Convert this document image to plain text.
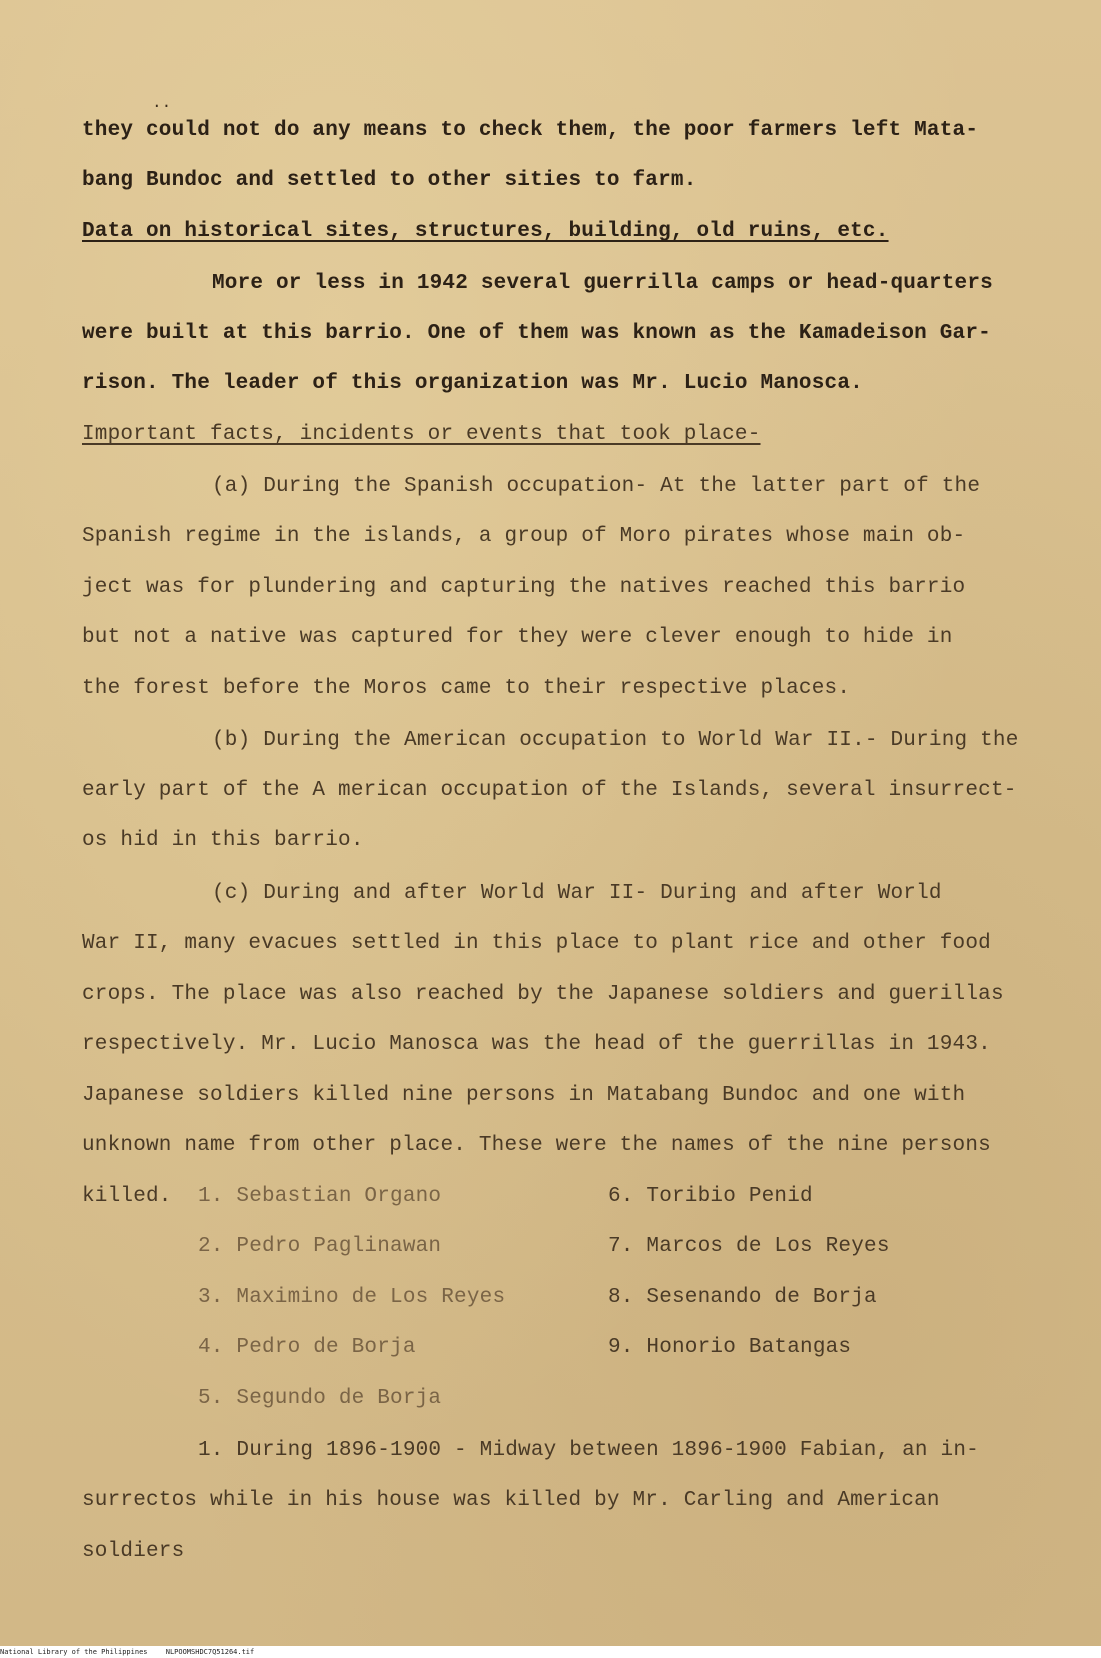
..
they could not do any means to check them, the poor farmers left Mata-
bang Bundoc and settled to other sities to farm.
Data on historical sites, structures, building, old ruins, etc.
More or less in 1942 several guerrilla camps or head-quarters
were built at this barrio. One of them was known as the Kamadeison Gar-
rison. The leader of this organization was Mr. Lucio Manosca.
Important facts, incidents or events that took place-
(a) During the Spanish occupation- At the latter part of the
Spanish regime in the islands, a group of Moro pirates whose main ob-
ject was for plundering and capturing the natives reached this barrio
but not a native was captured for they were clever enough to hide in
the forest before the Moros came to their respective places.
(b) During the American occupation to World War II.- During the
early part of the A merican occupation of the Islands, several insurrect-
os hid in this barrio.
(c) During and after World War II- During and after World
War II, many evacues settled in this place to plant rice and other food
crops. The place was also reached by the Japanese soldiers and guerillas
respectively. Mr. Lucio Manosca was the head of the guerrillas in 1943.
Japanese soldiers killed nine persons in Matabang Bundoc and one with
unknown name from other place. These were the names of the nine persons
killed. 1. Sebastian Organo
2. Pedro Paglinawan
3. Maximino de Los Reyes
4. Pedro de Borja
5. Segundo de Borja
6. Toribio Penid
7. Marcos de Los Reyes
8. Sesenando de Borja
9. Honorio Batangas
1. During 1896-1900 - Midway between 1896-1900 Fabian, an in-
surrectos while in his house was killed by Mr. Carling and American
soldiers
National Library of the Philippines	NLPOOMSHDC7Q51264.tif
